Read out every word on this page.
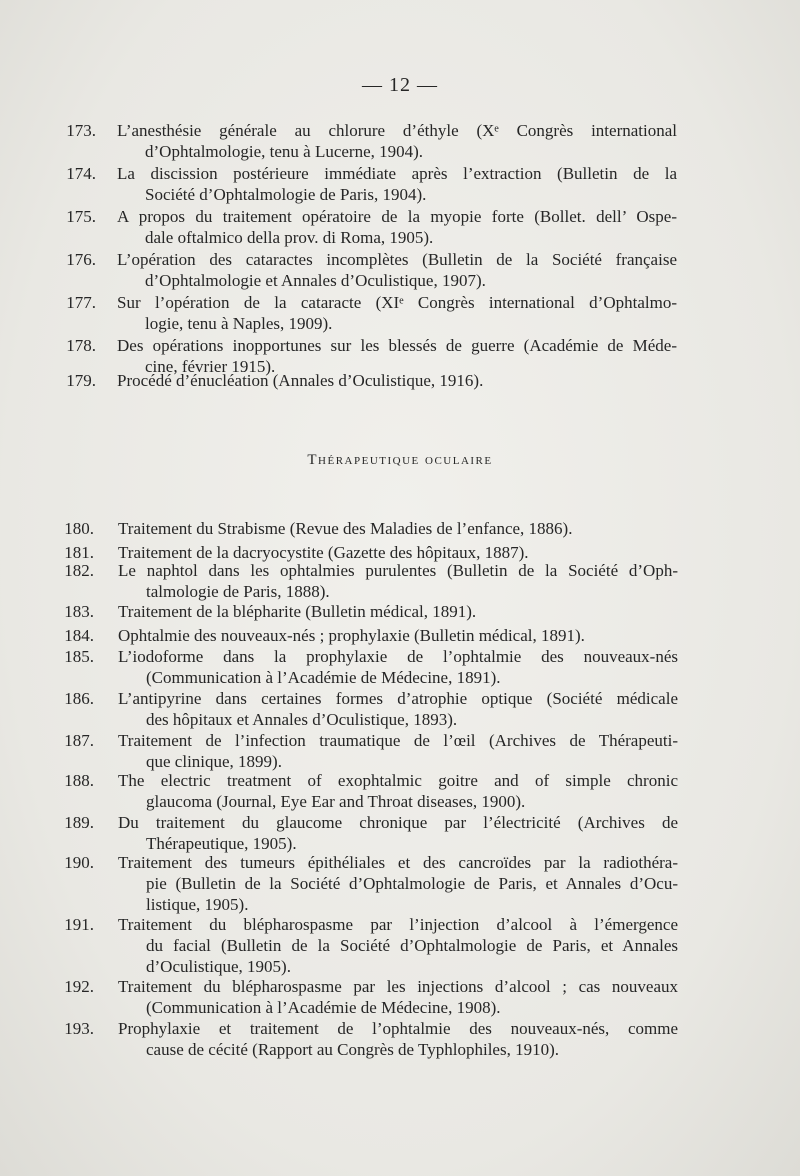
— 12 —
173. L’anesthésie générale au chlorure d’éthyle (Xᵉ Congrès international
d’Ophtalmologie, tenu à Lucerne, 1904).
174. La discission postérieure immédiate après l’extraction (Bulletin de la
Société d’Ophtalmologie de Paris, 1904).
175. A propos du traitement opératoire de la myopie forte (Bollet. dell’ Ospe-
dale oftalmico della prov. di Roma, 1905).
176. L’opération des cataractes incomplètes (Bulletin de la Société française
d’Ophtalmologie et Annales d’Oculistique, 1907).
177. Sur l’opération de la cataracte (XIᵉ Congrès international d’Ophtalmo-
logie, tenu à Naples, 1909).
178. Des opérations inopportunes sur les blessés de guerre (Académie de Méde-
cine, février 1915).
179. Procédé d’énucléation (Annales d’Oculistique, 1916).
180. Traitement du Strabisme (Revue des Maladies de l’enfance, 1886).
181. Traitement de la dacryocystite (Gazette des hôpitaux, 1887).
182. Le naphtol dans les ophtalmies purulentes (Bulletin de la Société d’Oph-
talmologie de Paris, 1888).
183. Traitement de la blépharite (Bulletin médical, 1891).
184. Ophtalmie des nouveaux-nés ; prophylaxie (Bulletin médical, 1891).
185. L’iodoforme dans la prophylaxie de l’ophtalmie des nouveaux-nés
(Communication à l’Académie de Médecine, 1891).
186. L’antipyrine dans certaines formes d’atrophie optique (Société médicale
des hôpitaux et Annales d’Oculistique, 1893).
187. Traitement de l’infection traumatique de l’œil (Archives de Thérapeuti-
que clinique, 1899).
188. The electric treatment of exophtalmic goitre and of simple chronic
glaucoma (Journal, Eye Ear and Throat diseases, 1900).
189. Du traitement du glaucome chronique par l’électricité (Archives de
Thérapeutique, 1905).
190. Traitement des tumeurs épithéliales et des cancroïdes par la radiothéra-
pie (Bulletin de la Société d’Ophtalmologie de Paris, et Annales d’Ocu-
listique, 1905).
191. Traitement du blépharospasme par l’injection d’alcool à l’émergence
du facial (Bulletin de la Société d’Ophtalmologie de Paris, et Annales
d’Oculistique, 1905).
192. Traitement du blépharospasme par les injections d’alcool ; cas nouveaux
(Communication à l’Académie de Médecine, 1908).
193. Prophylaxie et traitement de l’ophtalmie des nouveaux-nés, comme
cause de cécité (Rapport au Congrès de Typhlophiles, 1910).
Thérapeutique oculaire
